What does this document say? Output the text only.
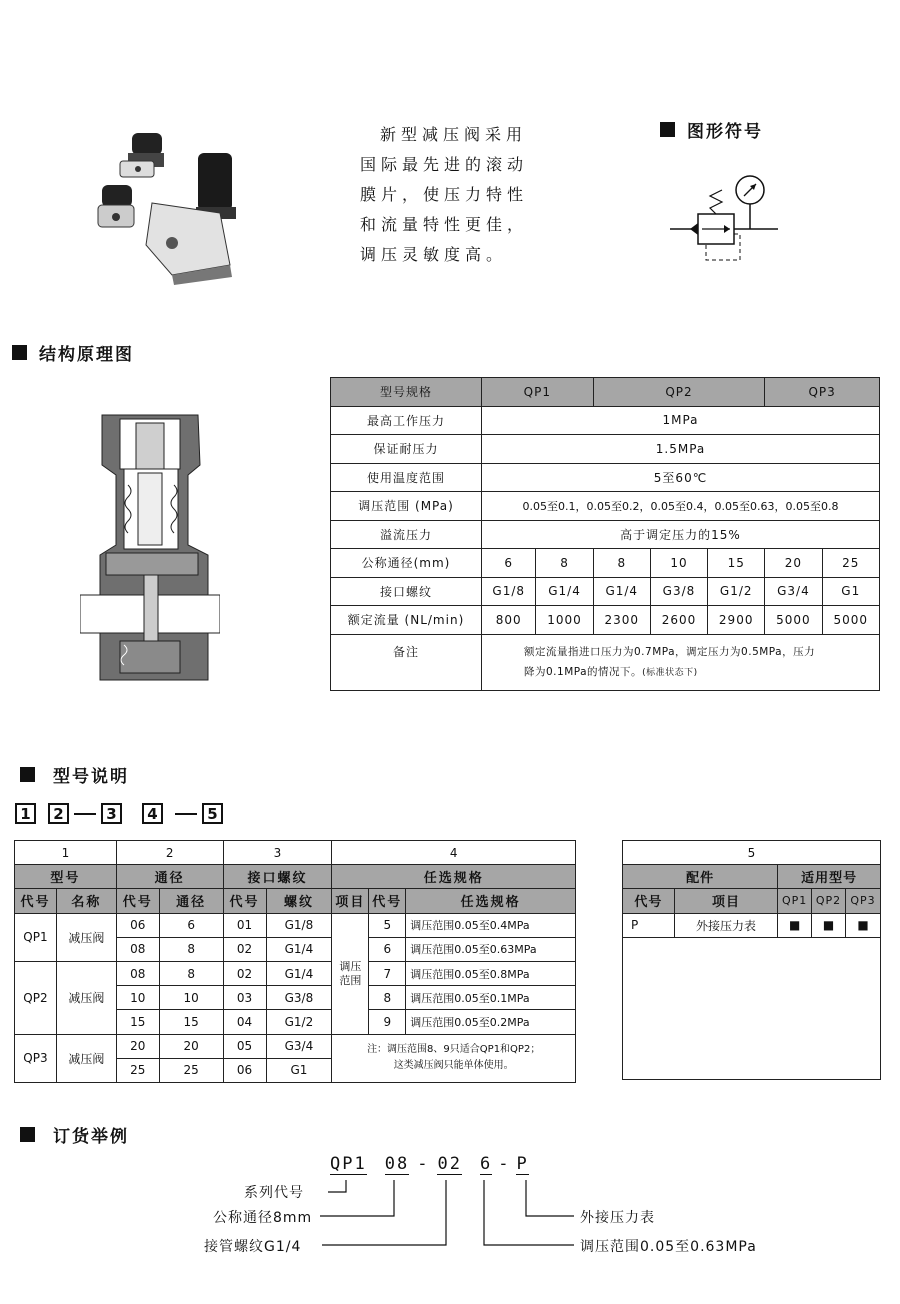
新型减压阀采用国际最先进的滚动膜片，使压力特性和流量特性更佳，调压灵敏度高。
图形符号
结构原理图
型号规格	QP1		QP2			QP3	
最高工作压力	1MPa						
保证耐压力	1.5MPa						
使用温度范围	5至60℃						
调压范围 (MPa)	0.05至0.1，0.05至0.2，0.05至0.4，0.05至0.63，0.05至0.8						
溢流压力	高于调定压力的15%						
公称通径(mm)	6	8	8	10	15	20	25
接口螺纹	G1/8	G1/4	G1/4	G3/8	G1/2	G3/4	G1
额定流量 (NL/min)	800	1000	2300	2600	2900	5000	5000
备注	额定流量指进口压力为0.7MPa，调定压力为0.5MPa，压力
降为0.1MPa的情况下。(标准状态下)						
型号说明
1	2	3	4	5
1		2		3		4		
型号		通径		接口螺纹		任选规格		
代号	名称	代号	通径	代号	螺纹	项目	代号	任选规格
QP1	减压阀	06	6	01	G1/8	调压范围	5	调压范围0.05至0.4MPa
		08	8	02	G1/4		6	调压范围0.05至0.63MPa
QP2	减压阀	08	8	02	G1/4		7	调压范围0.05至0.8MPa
		10	10	03	G3/8		8	调压范围0.05至0.1MPa
		15	15	04	G1/2		9	调压范围0.05至0.2MPa
QP3	减压阀	20	20	05	G3/4	注：调压范围8、9只适合QP1和QP2；
这类减压阀只能单体使用。		

		25	25	06	G1			
5				
配件		适用型号		
代号	项目	QP1	QP2	QP3
P	外接压力表	■	■	■

订货举例
QP1 08 - 02 6 - P
系列代号
公称通径8mm
接管螺纹G1/4
外接压力表
调压范围0.05至0.63MPa
